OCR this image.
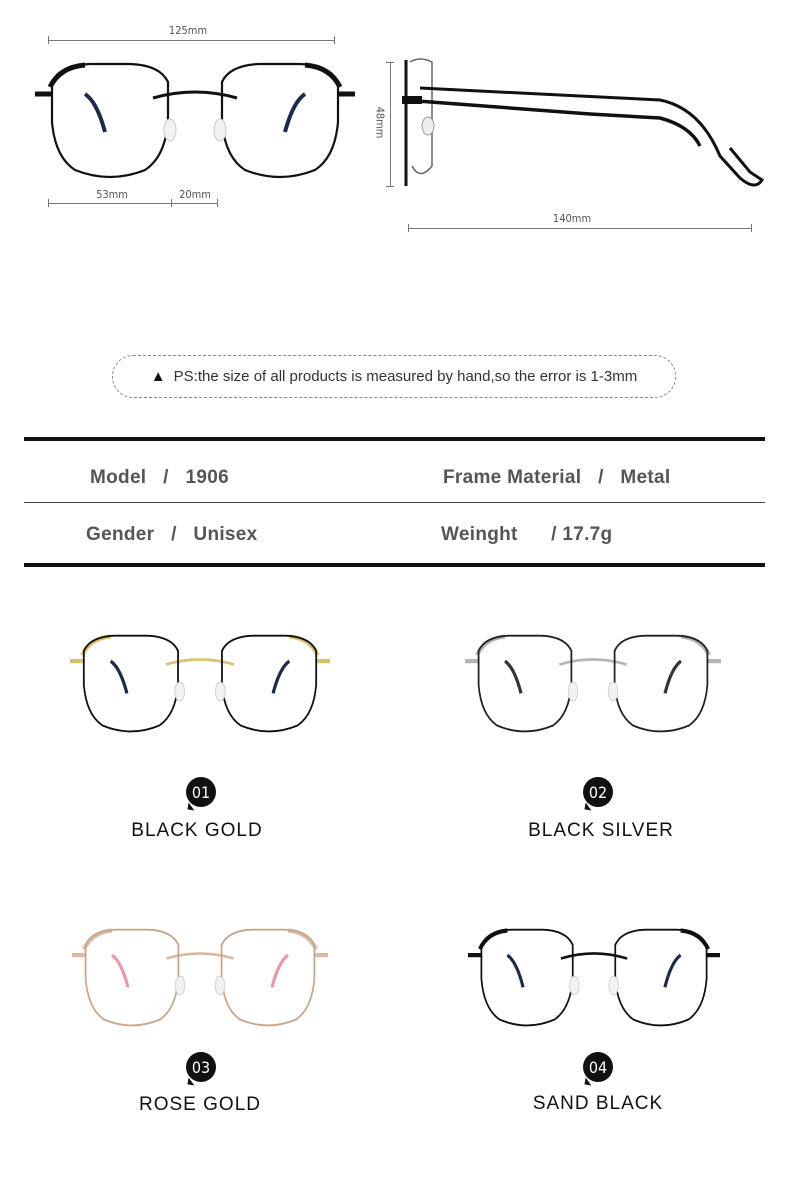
125mm
53mm	20mm
48mm
140mm
▲ PS:the size of all products is measured by hand,so the error is 1-3mm
Model / 1906	Frame Material / Metal
Gender / Unisex	Weinght / 17.7g
01
BLACK GOLD
02
BLACK SILVER
03
ROSE GOLD
04
SAND BLACK
